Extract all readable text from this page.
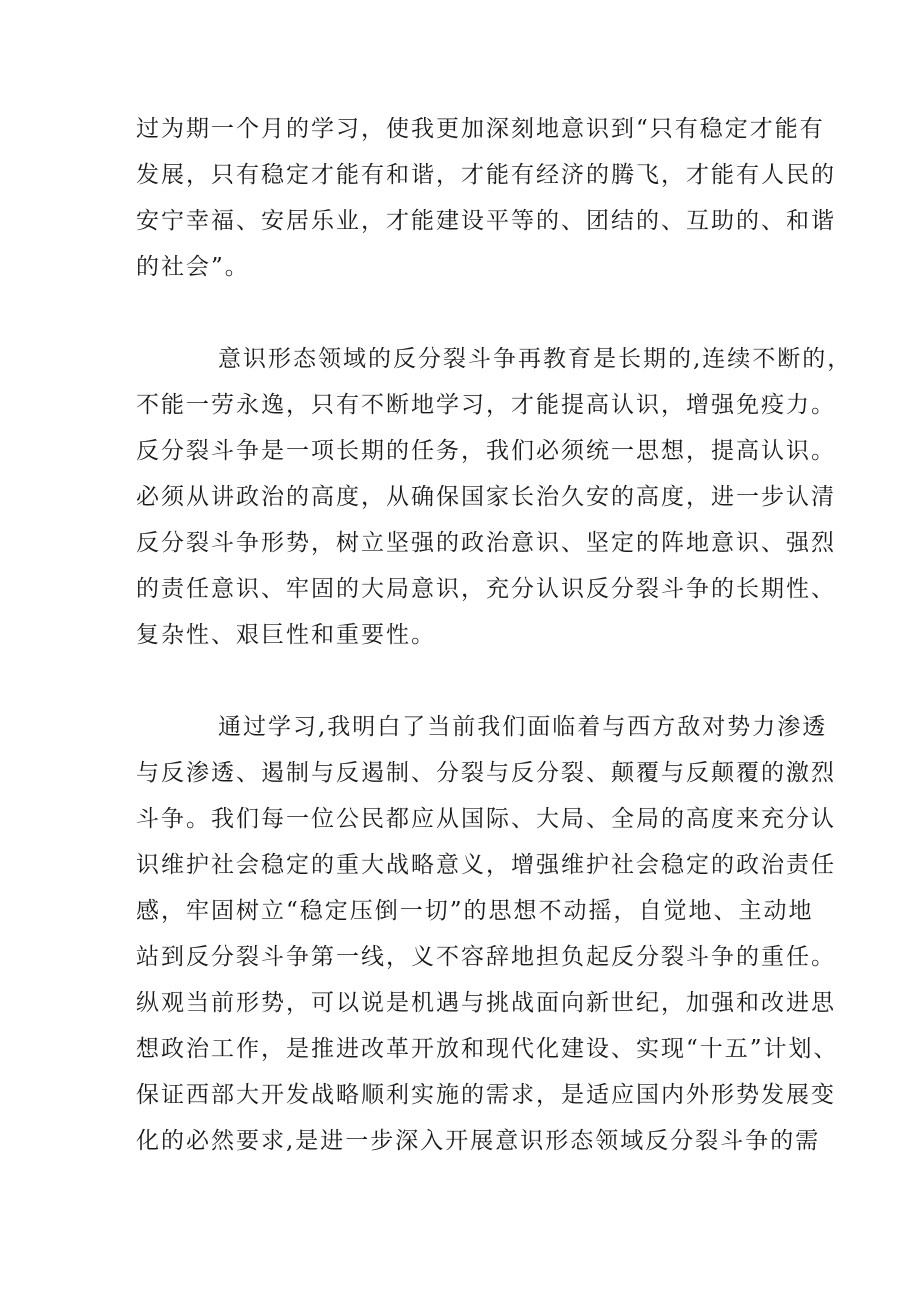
过为期一个月的学习，使我更加深刻地意识到“只有稳定才能有
发展，只有稳定才能有和谐，才能有经济的腾飞，才能有人民的
安宁幸福、安居乐业，才能建设平等的、团结的、互助的、和谐
的社会”。
意识形态领域的反分裂斗争再教育是长期的,连续不断的，
不能一劳永逸，只有不断地学习，才能提高认识，增强免疫力。
反分裂斗争是一项长期的任务，我们必须统一思想，提高认识。
必须从讲政治的高度，从确保国家长治久安的高度，进一步认清
反分裂斗争形势，树立坚强的政治意识、坚定的阵地意识、强烈
的责任意识、牢固的大局意识，充分认识反分裂斗争的长期性、
复杂性、艰巨性和重要性。
通过学习,我明白了当前我们面临着与西方敌对势力渗透
与反渗透、遏制与反遏制、分裂与反分裂、颠覆与反颠覆的激烈
斗争。我们每一位公民都应从国际、大局、全局的高度来充分认
识维护社会稳定的重大战略意义，增强维护社会稳定的政治责任
感，牢固树立“稳定压倒一切”的思想不动摇，自觉地、主动地
站到反分裂斗争第一线，义不容辞地担负起反分裂斗争的重任。
纵观当前形势，可以说是机遇与挑战面向新世纪，加强和改进思
想政治工作，是推进改革开放和现代化建设、实现“十五”计划、
保证西部大开发战略顺利实施的需求，是适应国内外形势发展变
化的必然要求,是进一步深入开展意识形态领域反分裂斗争的需
